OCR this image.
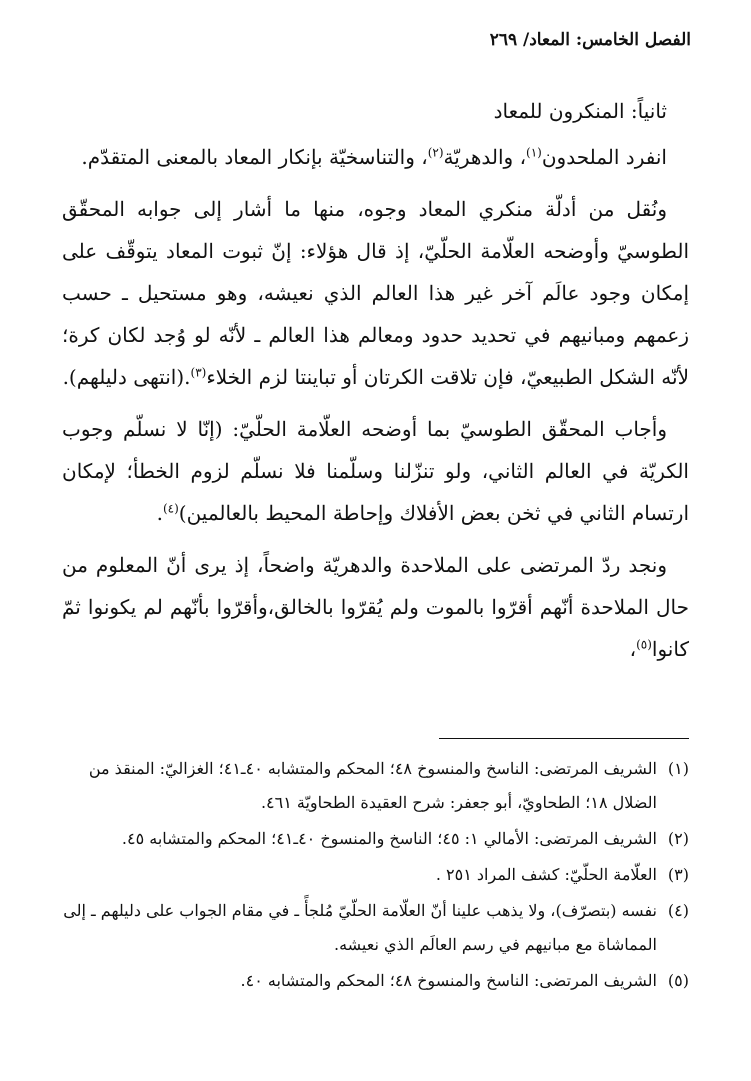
الفصل الخامس: المعاد/ ٢٦٩
ثانياً: المنكرون للمعاد

انفرد الملحدون$^{(١)}$، والدهريّة$^{(٢)}$، والتناسخيّة بإنكار المعاد بالمعنى المتقدّم.

ونُقل من أدلّة منكري المعاد وجوه، منها ما أشار إلى جوابه المحقّق الطوسيّ وأوضحه العلّامة الحلّيّ، إذ قال هؤلاء: إنّ ثبوت المعاد يتوقّف على إمكان وجود عالَم آخر غير هذا العالم الذي نعيشه، وهو مستحيل ـ حسب زعمهم ومبانيهم في تحديد حدود ومعالم هذا العالم ـ لأنّه لو وُجد لكان كرة؛ لأنّه الشكل الطبيعيّ، فإن تلاقت الكرتان أو تباينتا لزم الخلاء$^{(٣)}$.(انتهى دليلهم).

وأجاب المحقّق الطوسيّ بما أوضحه العلّامة الحلّيّ: (إنّا لا نسلّم وجوب الكريّة في العالم الثاني، ولو تنزّلنا وسلّمنا فلا نسلّم لزوم الخطأ؛ لإمكان ارتسام الثاني في ثخن بعض الأفلاك وإحاطة المحيط بالعالمين)$^{(٤)}$.

ونجد ردّ المرتضى على الملاحدة والدهريّة واضحاً، إذ يرى أنّ المعلوم من حال الملاحدة أنّهم أقرّوا بالموت ولم يُقرّوا بالخالق،وأقرّوا بأنّهم لم يكونوا ثمّ كانوا$^{(٥)}$،

(١)
الشريف المرتضى: الناسخ والمنسوخ ٤٨؛ المحكم والمتشابه ٤٠ـ٤١؛ الغزاليّ: المنقذ من الضلال ١٨؛ الطحاويّ، أبو جعفر: شرح العقيدة الطحاويّة ٤٦١.
(٢)
الشريف المرتضى: الأمالي ١: ٤٥؛ الناسخ والمنسوخ ٤٠ـ٤١؛ المحكم والمتشابه ٤٥.
(٣)
العلّامة الحلّيّ: كشف المراد ٢٥١ .
(٤)
نفسه (بتصرّف)، ولا يذهب علينا أنّ العلّامة الحلّيّ مُلجأً ـ في مقام الجواب على دليلهم ـ إلى المماشاة مع مبانيهم في رسم العالَم الذي نعيشه.
(٥)
الشريف المرتضى: الناسخ والمنسوخ ٤٨؛ المحكم والمتشابه ٤٠.
